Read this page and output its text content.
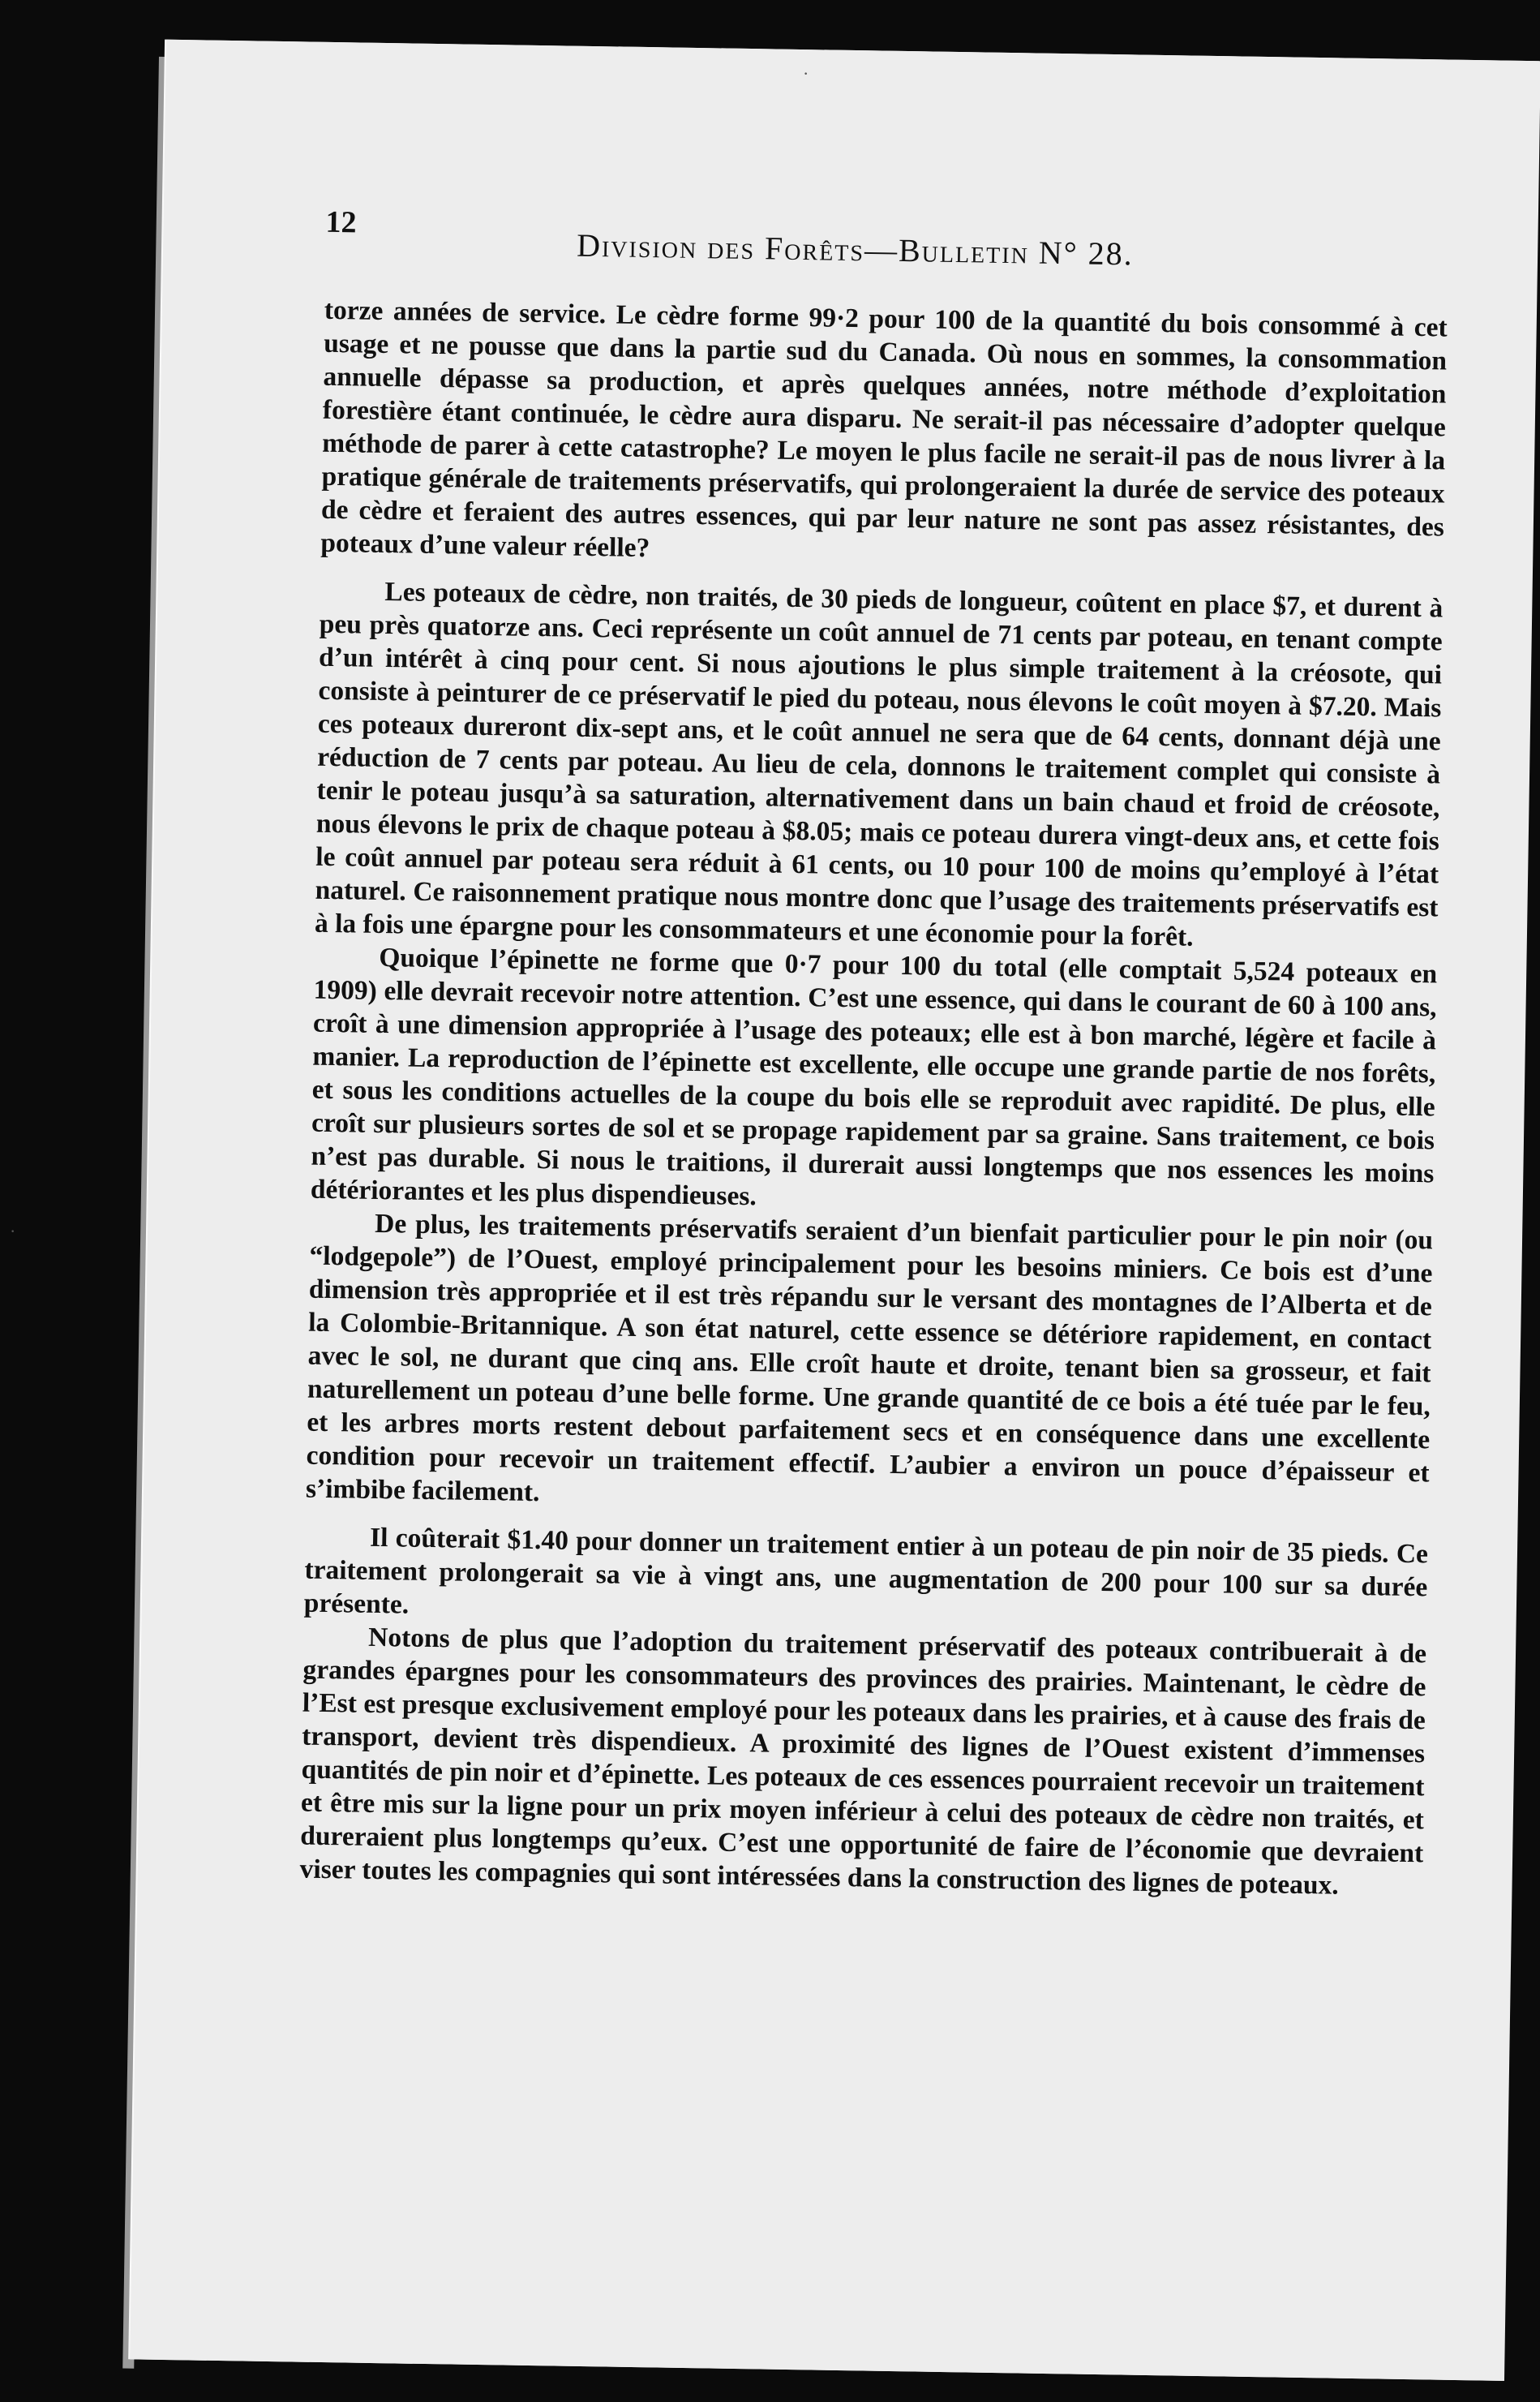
12
Division des Forêts—Bulletin N° 28.

torze années de service. Le cèdre forme 99·2 pour 100 de la quantité du bois consommé à cet usage et ne pousse que dans la partie sud du Canada. Où nous en sommes, la consommation annuelle dépasse sa production, et après quelques années, notre méthode d’exploitation forestière étant continuée, le cèdre aura disparu. Ne serait-il pas nécessaire d’adopter quelque méthode de parer à cette catastrophe? Le moyen le plus facile ne serait-il pas de nous livrer à la pratique générale de traitements préservatifs, qui prolongeraient la durée de service des poteaux de cèdre et feraient des autres essences, qui par leur nature ne sont pas assez résistantes, des poteaux d’une valeur réelle?

Les poteaux de cèdre, non traités, de 30 pieds de longueur, coûtent en place $7, et durent à peu près quatorze ans. Ceci représente un coût annuel de 71 cents par poteau, en tenant compte d’un intérêt à cinq pour cent. Si nous ajoutions le plus simple traitement à la créosote, qui consiste à peinturer de ce préservatif le pied du poteau, nous élevons le coût moyen à $7.20. Mais ces poteaux dureront dix-sept ans, et le coût annuel ne sera que de 64 cents, donnant déjà une réduction de 7 cents par poteau. Au lieu de cela, donnons le traitement complet qui consiste à tenir le poteau jusqu’à sa saturation, alternativement dans un bain chaud et froid de créosote, nous élevons le prix de chaque poteau à $8.05; mais ce poteau durera vingt-deux ans, et cette fois le coût annuel par poteau sera réduit à 61 cents, ou 10 pour 100 de moins qu’employé à l’état naturel. Ce raisonnement pratique nous montre donc que l’usage des traitements préservatifs est à la fois une épargne pour les consommateurs et une économie pour la forêt.

Quoique l’épinette ne forme que 0·7 pour 100 du total (elle comptait 5,524 poteaux en 1909) elle devrait recevoir notre attention. C’est une essence, qui dans le courant de 60 à 100 ans, croît à une dimension appropriée à l’usage des poteaux; elle est à bon marché, légère et facile à manier. La reproduction de l’épinette est excellente, elle occupe une grande partie de nos forêts, et sous les conditions actuelles de la coupe du bois elle se reproduit avec rapidité. De plus, elle croît sur plusieurs sortes de sol et se propage rapidement par sa graine. Sans traitement, ce bois n’est pas durable. Si nous le traitions, il durerait aussi longtemps que nos essences les moins détériorantes et les plus dispendieuses.

De plus, les traitements préservatifs seraient d’un bienfait particulier pour le pin noir (ou “lodgepole”) de l’Ouest, employé principalement pour les besoins miniers. Ce bois est d’une dimension très appropriée et il est très répandu sur le versant des montagnes de l’Alberta et de la Colombie-Britannique. A son état naturel, cette essence se détériore rapidement, en contact avec le sol, ne durant que cinq ans. Elle croît haute et droite, tenant bien sa grosseur, et fait naturellement un poteau d’une belle forme. Une grande quantité de ce bois a été tuée par le feu, et les arbres morts restent debout parfaitement secs et en conséquence dans une excellente condition pour recevoir un traitement effectif. L’aubier a environ un pouce d’épaisseur et s’imbibe facilement.

Il coûterait $1.40 pour donner un traitement entier à un poteau de pin noir de 35 pieds. Ce traitement prolongerait sa vie à vingt ans, une augmentation de 200 pour 100 sur sa durée présente.

Notons de plus que l’adoption du traitement préservatif des poteaux contribuerait à de grandes épargnes pour les consommateurs des provinces des prairies. Maintenant, le cèdre de l’Est est presque exclusivement employé pour les poteaux dans les prairies, et à cause des frais de transport, devient très dispendieux. A proximité des lignes de l’Ouest existent d’immenses quantités de pin noir et d’épinette. Les poteaux de ces essences pourraient recevoir un traitement et être mis sur la ligne pour un prix moyen inférieur à celui des poteaux de cèdre non traités, et dureraient plus longtemps qu’eux. C’est une opportunité de faire de l’économie que devraient viser toutes les compagnies qui sont intéressées dans la construction des lignes de poteaux.

·
·
